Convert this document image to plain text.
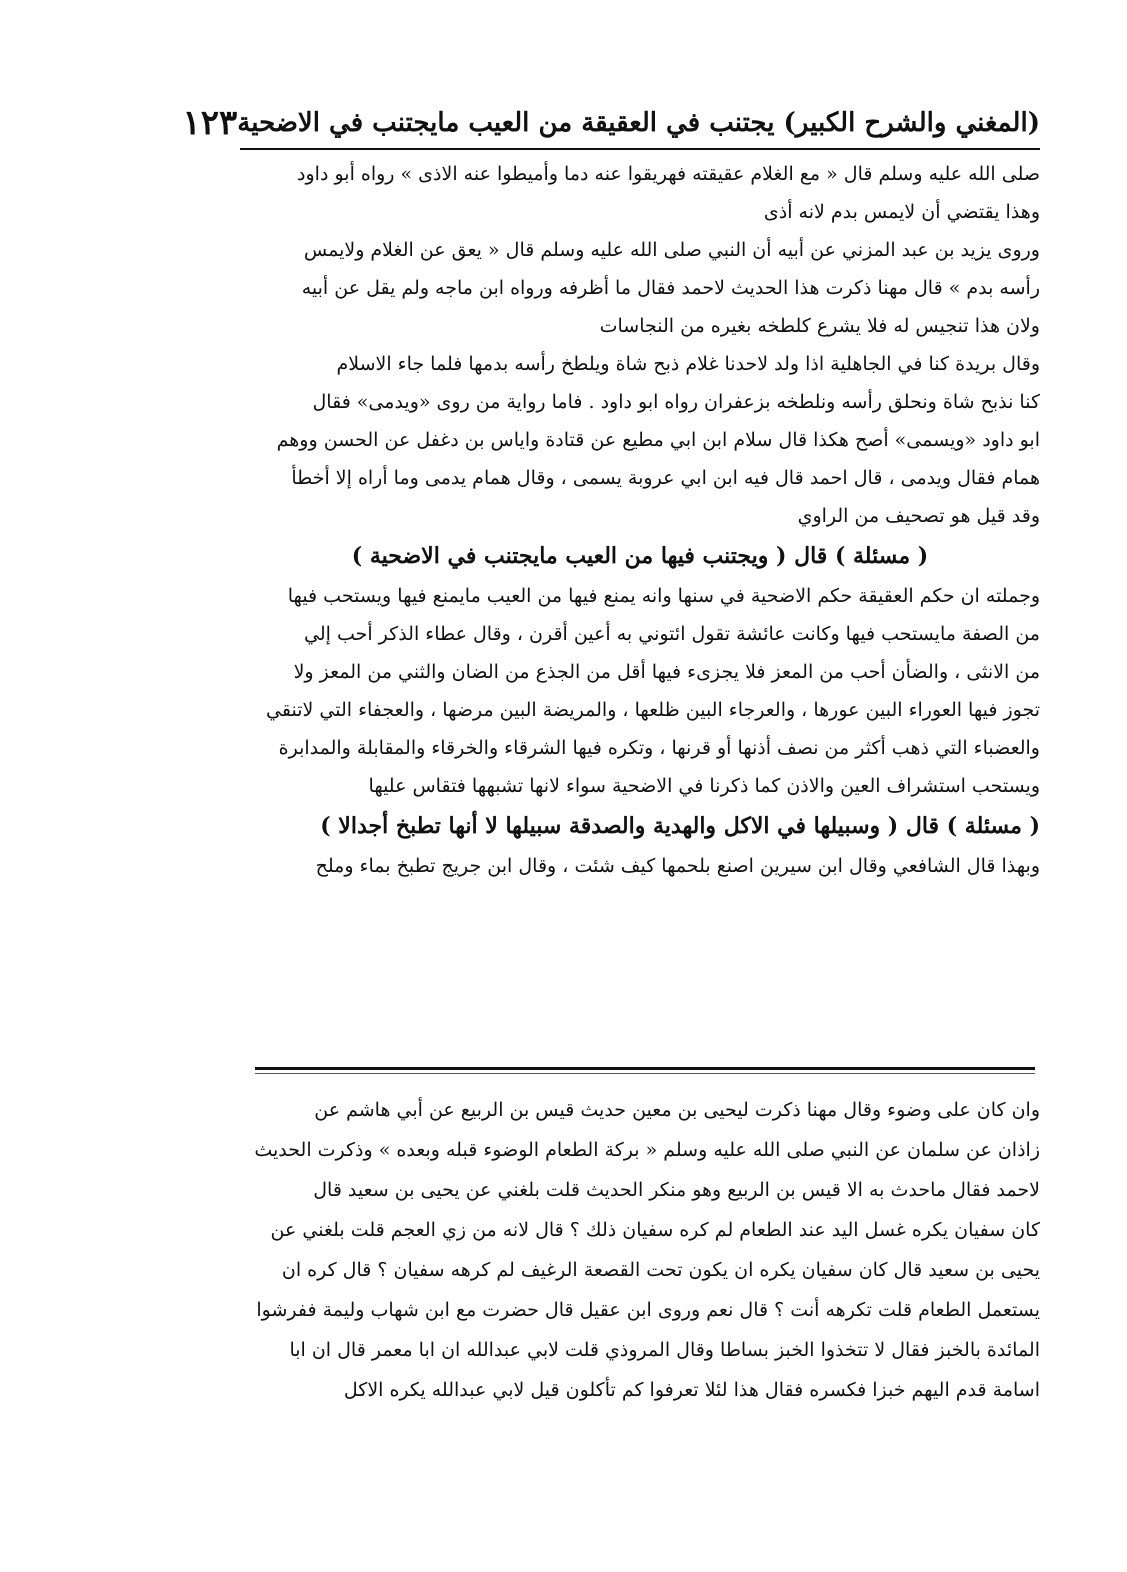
(المغني والشرح الكبير) يجتنب في العقيقة من العيب مايجتنب في الاضحية
١٢٣
صلى الله عليه وسلم قال « مع الغلام عقيقته فهريقوا عنه دما وأميطوا عنه الاذى » رواه أبو داود
وهذا يقتضي أن لايمس بدم لانه أذى
وروى يزيد بن عبد المزني عن أبيه أن النبي صلى الله عليه وسلم قال « يعق عن الغلام ولايمس
رأسه بدم » قال مهنا ذكرت هذا الحديث لاحمد فقال ما أظرفه ورواه ابن ماجه ولم يقل عن أبيه
ولان هذا تنجيس له فلا يشرع كلطخه بغيره من النجاسات
وقال بريدة كنا في الجاهلية اذا ولد لاحدنا غلام ذبح شاة ويلطخ رأسه بدمها فلما جاء الاسلام
كنا نذبح شاة ونحلق رأسه ونلطخه بزعفران رواه ابو داود . فاما رواية من روى «ويدمى» فقال
ابو داود «ويسمى» أصح هكذا قال سلام ابن ابي مطيع عن قتادة واياس بن دغفل عن الحسن ووهم
همام فقال ويدمى ، قال احمد قال فيه ابن ابي عروبة يسمى ، وقال همام يدمى وما أراه إلا أخطأ
وقد قيل هو تصحيف من الراوي
( مسئلة ) قال ( ويجتنب فيها من العيب مايجتنب في الاضحية )
وجملته ان حكم العقيقة حكم الاضحية في سنها وانه يمنع فيها من العيب مايمنع فيها ويستحب فيها
من الصفة مايستحب فيها وكانت عائشة تقول ائتوني به أعين أقرن ، وقال عطاء الذكر أحب إلي
من الانثى ، والضأن أحب من المعز فلا يجزىء فيها أقل من الجذع من الضان والثني من المعز ولا
تجوز فيها العوراء البين عورها ، والعرجاء البين ظلعها ، والمريضة البين مرضها ، والعجفاء التي لاتنقي
والعضباء التي ذهب أكثر من نصف أذنها أو قرنها ، وتكره فيها الشرقاء والخرقاء والمقابلة والمدابرة
ويستحب استشراف العين والاذن كما ذكرنا في الاضحية سواء لانها تشبهها فتقاس عليها
( مسئلة ) قال ( وسبيلها في الاكل والهدية والصدقة سبيلها لا أنها تطبخ أجدالا )
وبهذا قال الشافعي وقال ابن سيرين اصنع بلحمها كيف شئت ، وقال ابن جريج تطبخ بماء وملح
وان كان على وضوء وقال مهنا ذكرت ليحيى بن معين حديث قيس بن الربيع عن أبي هاشم عن
زاذان عن سلمان عن النبي صلى الله عليه وسلم « بركة الطعام الوضوء قبله وبعده » وذكرت الحديث
لاحمد فقال ماحدث به الا قيس بن الربيع وهو منكر الحديث قلت بلغني عن يحيى بن سعيد قال
كان سفيان يكره غسل اليد عند الطعام لم كره سفيان ذلك ؟ قال لانه من زي العجم قلت بلغني عن
يحيى بن سعيد قال كان سفيان يكره ان يكون تحت القصعة الرغيف لم كرهه سفيان ؟ قال كره ان
يستعمل الطعام قلت تكرهه أنت ؟ قال نعم وروى ابن عقيل قال حضرت مع ابن شهاب وليمة ففرشوا
المائدة بالخبز فقال لا تتخذوا الخبز بساطا وقال المروذي قلت لابي عبدالله ان ابا معمر قال ان ابا
اسامة قدم اليهم خبزا فكسره فقال هذا لئلا تعرفوا كم تأكلون قيل لابي عبدالله يكره الاكل
